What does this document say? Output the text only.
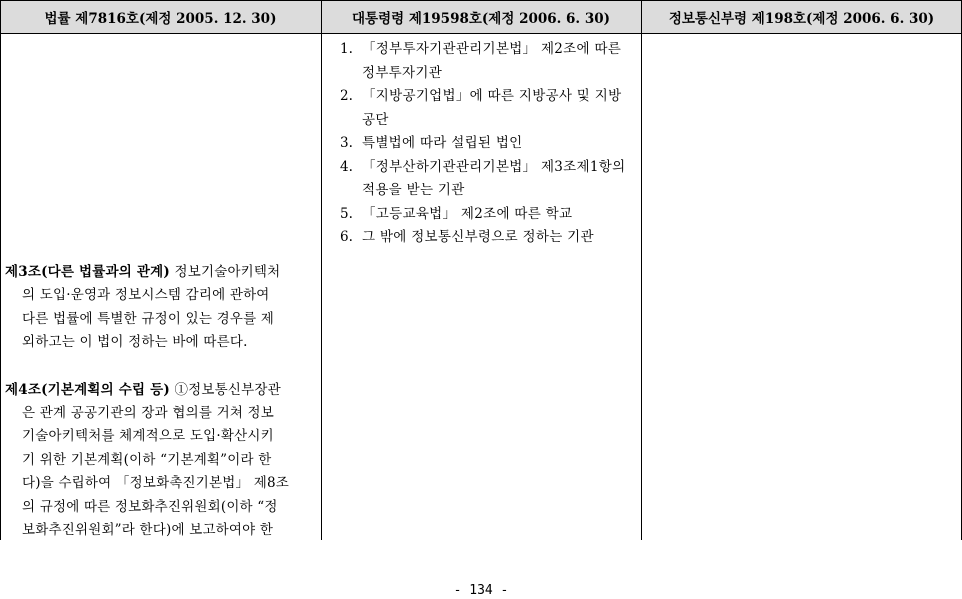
법률 제7816호(제정 2005. 12. 30)	대통령령 제19598호(제정 2006. 6. 30)	정보통신부령 제198호(제정 2006. 6. 30)
제3조(다른 법률과의 관계) 정보기술아키텍처
의 도입·운영과 정보시스템 감리에 관하여
다른 법률에 특별한 규정이 있는 경우를 제
외하고는 이 법이 정하는 바에 따른다.
제4조(기본계획의 수립 등) ①정보통신부장관
은 관계 공공기관의 장과 협의를 거쳐 정보
기술아키텍처를 체계적으로 도입·확산시키
기 위한 기본계획(이하 “기본계획”이라 한
다)을 수립하여 「정보화촉진기본법」 제8조
의 규정에 따른 정보화추진위원회(이하 “정
보화추진위원회”라 한다)에 보고하여야 한
1. 「정부투자기관관리기본법」 제2조에 따른
정부투자기관
2. 「지방공기업법」에 따른 지방공사 및 지방
공단
3. 특별법에 따라 설립된 법인
4. 「정부산하기관관리기본법」 제3조제1항의
적용을 받는 기관
5. 「고등교육법」 제2조에 따른 학교
6. 그 밖에 정보통신부령으로 정하는 기관
- 134 -
